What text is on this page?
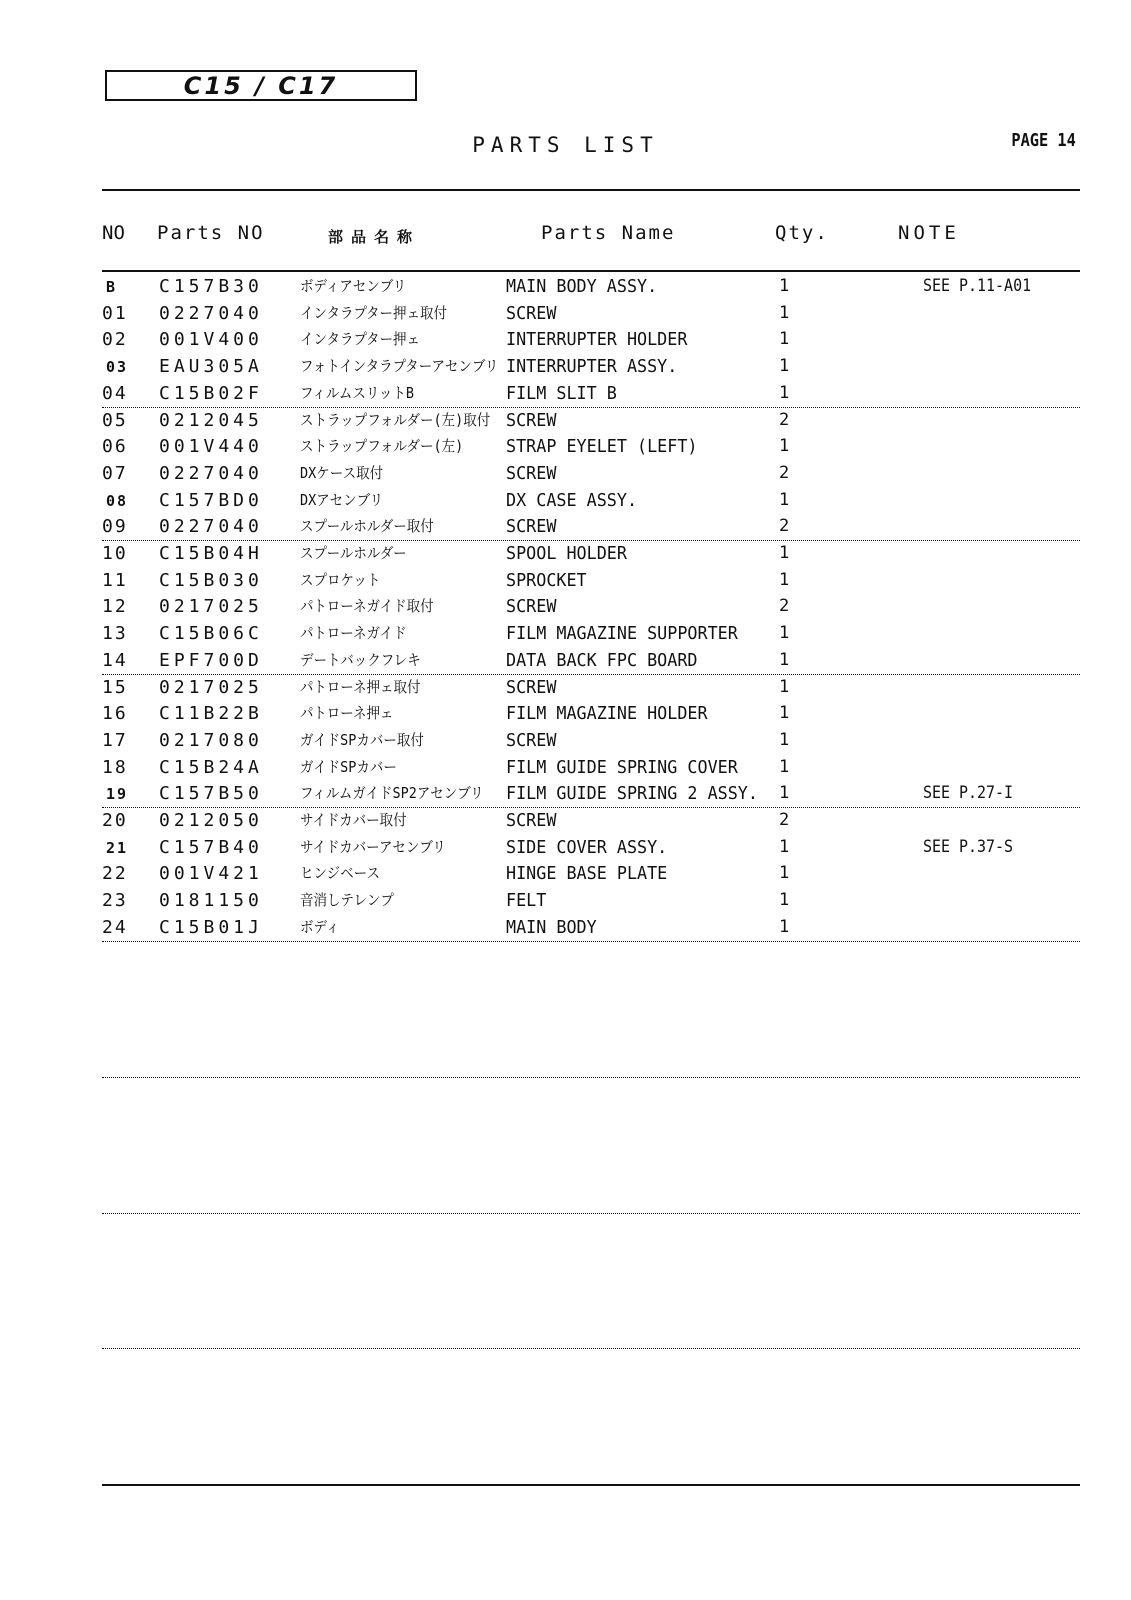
C15 / C17
PARTS LIST	PAGE 14
NO Parts NO	部品名称	Parts Name	Qty.	NOTE
B C157B30 ボディアセンブリ	MAIN BODY ASSY.	1	SEE P.11-A01
01 0227040 インタラプター押ェ取付	SCREW	1
02 001V400 インタラプター押ェ	INTERRUPTER HOLDER	1
03 EAU305A フォトインタラプターアセンブリ INTERRUPTER ASSY.	1
04 C15B02F フィルムスリットB	FILM SLIT B	1
05 0212045 ストラップフォルダー(左)取付 SCREW	2
06 001V440 ストラップフォルダー(左) STRAP EYELET (LEFT)	1
07 0227040 DXケース取付	SCREW	2
08 C157BD0 DXアセンブリ	DX CASE ASSY.	1
09 0227040 スプールホルダー取付	SCREW	2
10 C15B04H スプールホルダー	SPOOL HOLDER	1
11 C15B030 スプロケット	SPROCKET	1
12 0217025 パトローネガイド取付	SCREW	2
13 C15B06C パトローネガイド	FILM MAGAZINE SUPPORTER 1
14 EPF700D デートバックフレキ	DATA BACK FPC BOARD	1
15 0217025 パトローネ押ェ取付	SCREW	1
16 C11B22B パトローネ押ェ	FILM MAGAZINE HOLDER	1
17 0217080 ガイドSPカバー取付	SCREW	1
18 C15B24A ガイドSPカバー	FILM GUIDE SPRING COVER 1
19 C157B50 フィルムガイドSP2アセンブリ FILM GUIDE SPRING 2 ASSY. 1	SEE P.27-I
20 0212050 サイドカバー取付	SCREW	2
21 C157B40 サイドカバーアセンブリ	SIDE COVER ASSY.	1	SEE P.37-S
22 001V421 ヒンジベース	HINGE BASE PLATE	1
23 0181150 音消しテレンプ	FELT	1
24 C15B01J ボディ	MAIN BODY	1
